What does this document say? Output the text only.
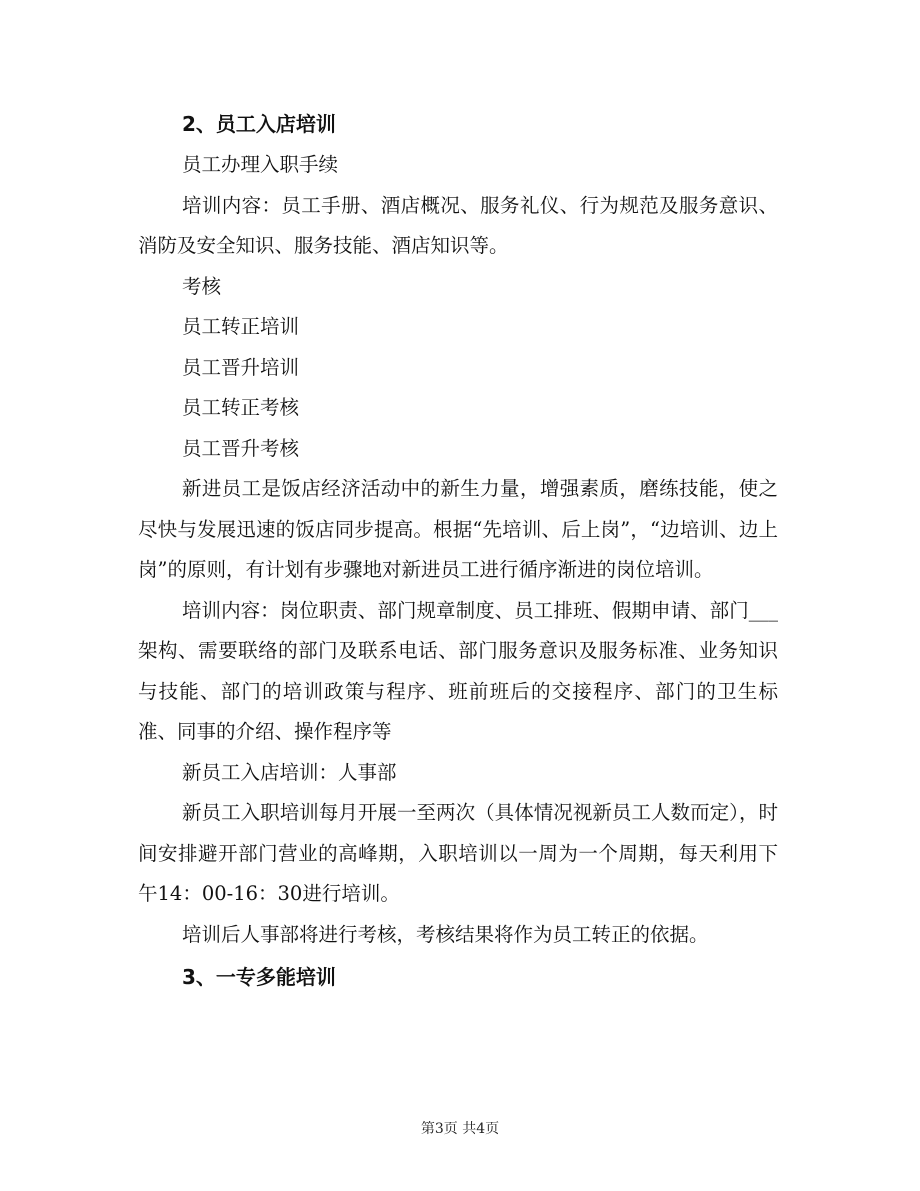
2、员工入店培训

员工办理入职手续

培训内容：员工手册、酒店概况、服务礼仪、行为规范及服务意识、消防及安全知识、服务技能、酒店知识等。

考核

员工转正培训

员工晋升培训

员工转正考核

员工晋升考核

新进员工是饭店经济活动中的新生力量，增强素质，磨练技能，使之尽快与发展迅速的饭店同步提高。根据“先培训、后上岗”，“边培训、边上岗”的原则，有计划有步骤地对新进员工进行循序渐进的岗位培训。

培训内容：岗位职责、部门规章制度、员工排班、假期申请、部门___架构、需要联络的部门及联系电话、部门服务意识及服务标准、业务知识与技能、部门的培训政策与程序、班前班后的交接程序、部门的卫生标准、同事的介绍、操作程序等

新员工入店培训：人事部

新员工入职培训每月开展一至两次（具体情况视新员工人数而定），时间安排避开部门营业的高峰期，入职培训以一周为一个周期，每天利用下午14：00-16：30进行培训。

培训后人事部将进行考核，考核结果将作为员工转正的依据。

3、一专多能培训
第3页 共4页
